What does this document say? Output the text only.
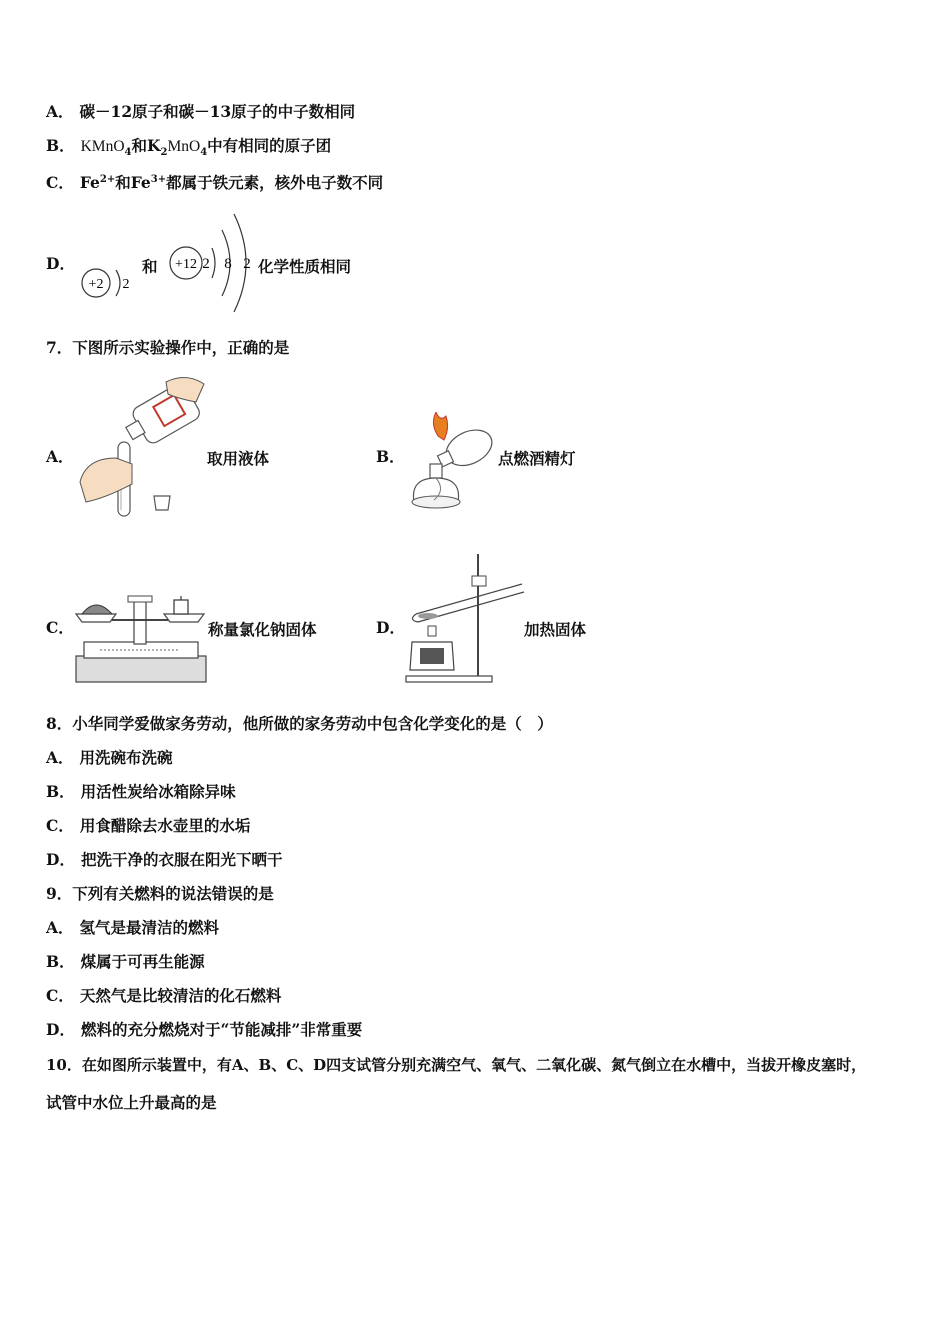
A． 碳－12原子和碳－13原子的中子数相同
B． KMnO$_4$和$K_2MnO_4$中有相同的原子团
C． $Fe^{2+}$和$Fe^{3+}$都属于铁元素，核外电子数不同
D．
+2 2
和 +12 2 8 2 化学性质相同
7．下图所示实验操作中，正确的是
A．	取用液体	B．	点燃酒精灯
C．	称量氯化钠固体	D．	加热固体
8．小华同学爱做家务劳动，他所做的家务劳动中包含化学变化的是（　）
A． 用洗碗布洗碗
B． 用活性炭给冰箱除异味
C． 用食醋除去水壶里的水垢
D． 把洗干净的衣服在阳光下晒干
9．下列有关燃料的说法错误的是
A． 氢气是最清洁的燃料
B． 煤属于可再生能源
C． 天然气是比较清洁的化石燃料
D． 燃料的充分燃烧对于“节能减排”非常重要
10．在如图所示装置中，有A、B、C、D四支试管分别充满空气、氧气、二氧化碳、氮气倒立在水槽中，当拔开橡皮塞时，
试管中水位上升最高的是
